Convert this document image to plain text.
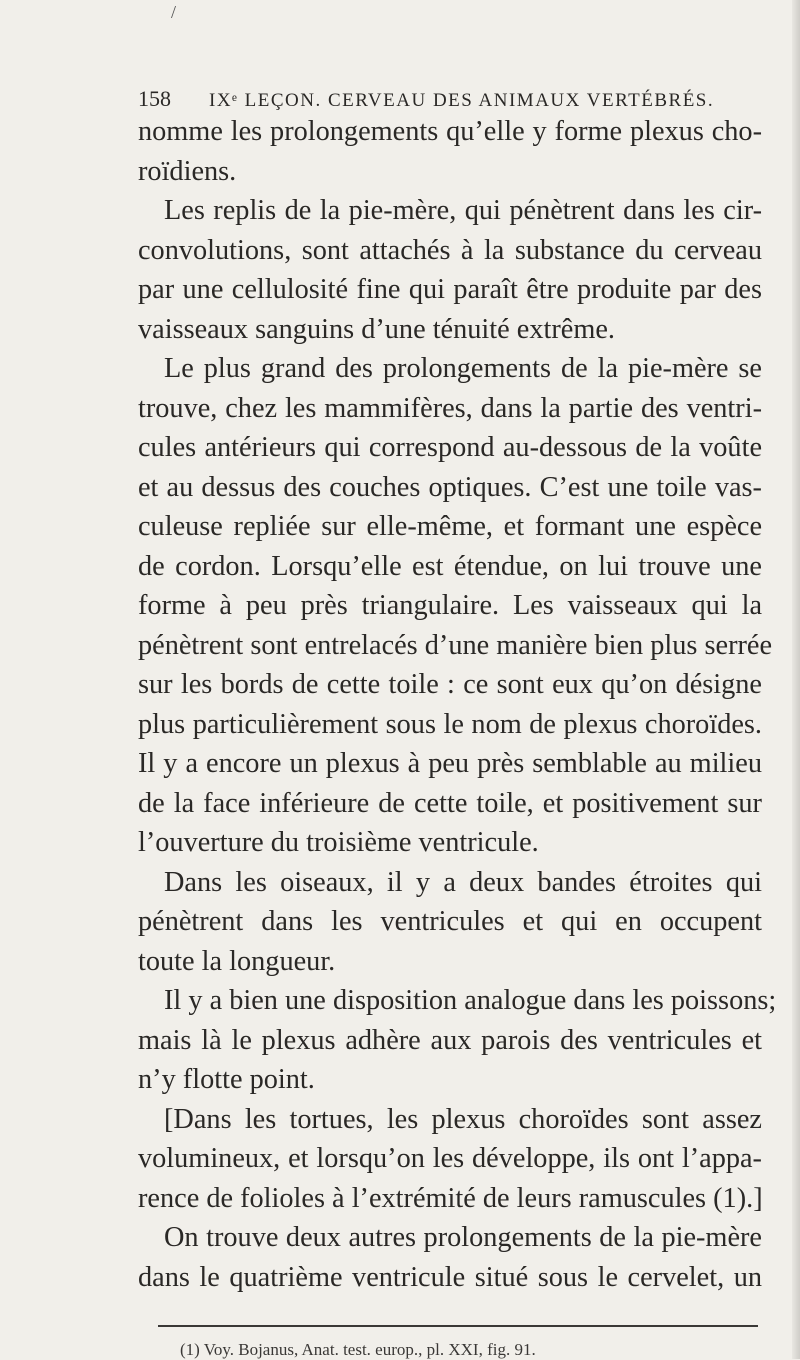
/
158 IXᵉ LEÇON. CERVEAU DES ANIMAUX VERTÉBRÉS.
nomme les prolongements qu’elle y forme plexus cho-
roïdiens.
Les replis de la pie-mère, qui pénètrent dans les cir-
convolutions, sont attachés à la substance du cerveau
par une cellulosité fine qui paraît être produite par des
vaisseaux sanguins d’une ténuité extrême.
Le plus grand des prolongements de la pie-mère se
trouve, chez les mammifères, dans la partie des ventri-
cules antérieurs qui correspond au-dessous de la voûte
et au dessus des couches optiques. C’est une toile vas-
culeuse repliée sur elle-même, et formant une espèce
de cordon. Lorsqu’elle est étendue, on lui trouve une
forme à peu près triangulaire. Les vaisseaux qui la
pénètrent sont entrelacés d’une manière bien plus serrée
sur les bords de cette toile : ce sont eux qu’on désigne
plus particulièrement sous le nom de plexus choroïdes.
Il y a encore un plexus à peu près semblable au milieu
de la face inférieure de cette toile, et positivement sur
l’ouverture du troisième ventricule.
Dans les oiseaux, il y a deux bandes étroites qui
pénètrent dans les ventricules et qui en occupent
toute la longueur.
Il y a bien une disposition analogue dans les poissons;
mais là le plexus adhère aux parois des ventricules et
n’y flotte point.
[Dans les tortues, les plexus choroïdes sont assez
volumineux, et lorsqu’on les développe, ils ont l’appa-
rence de folioles à l’extrémité de leurs ramuscules (1).]
On trouve deux autres prolongements de la pie-mère
dans le quatrième ventricule situé sous le cervelet, un
(1) Voy. Bojanus, Anat. test. europ., pl. XXI, fig. 91.
